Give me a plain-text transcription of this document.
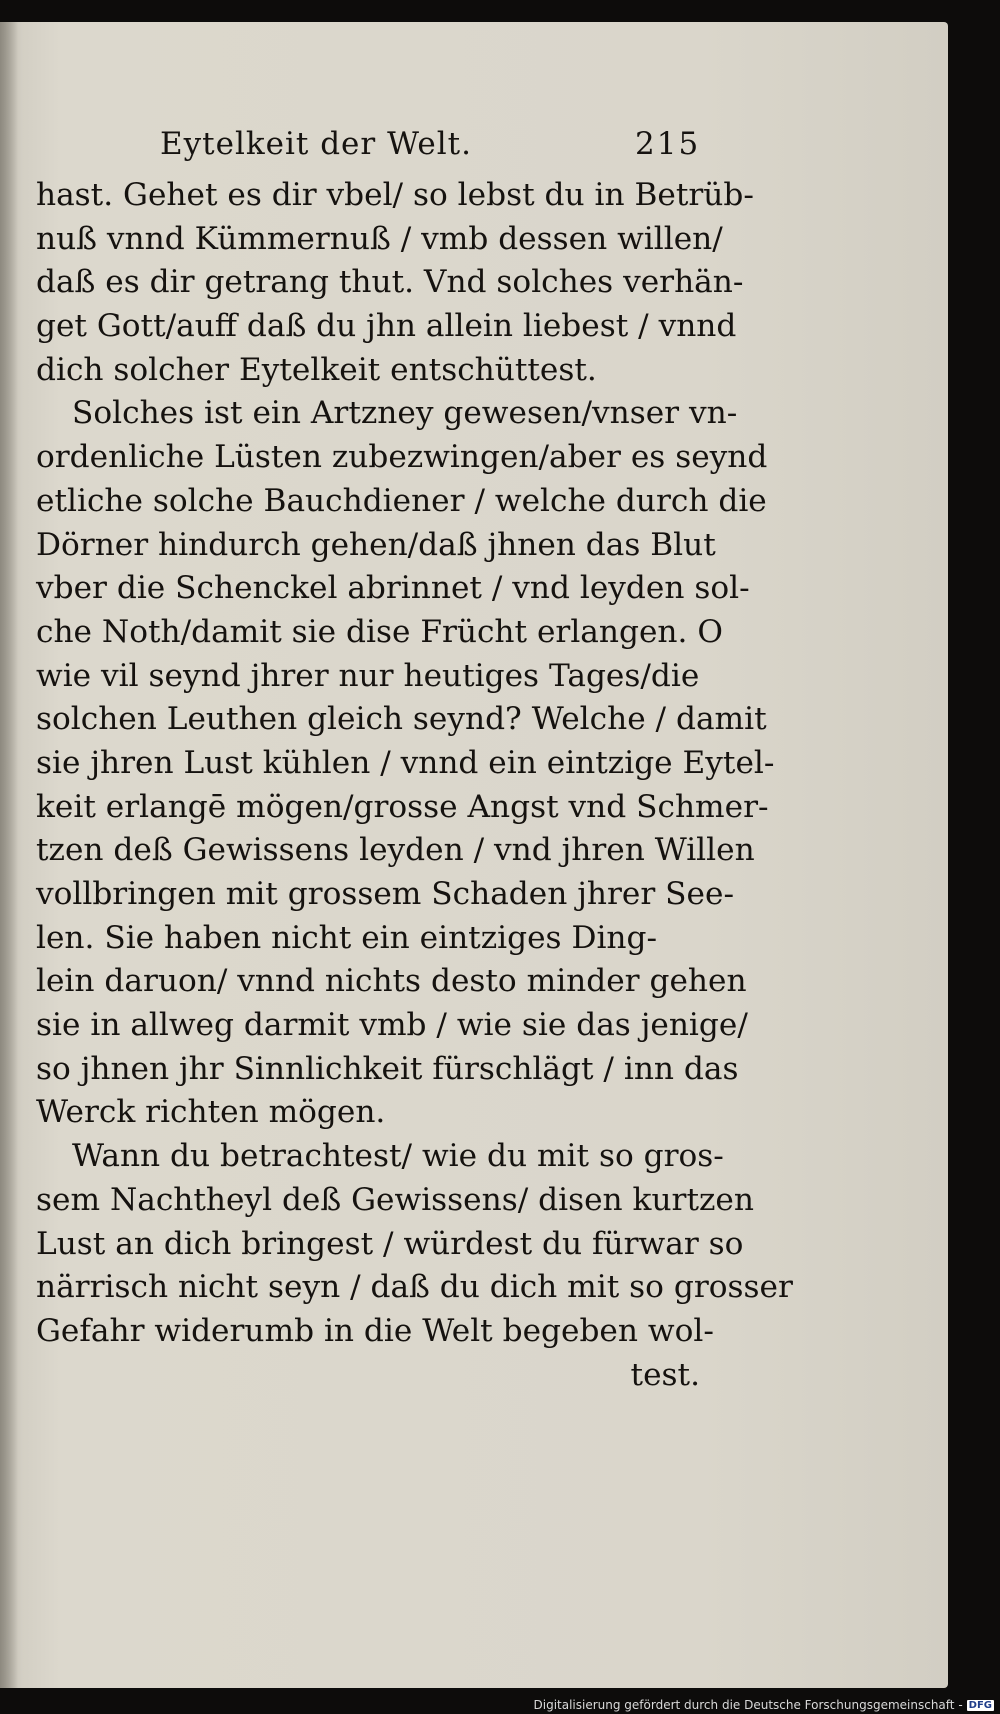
Eytelkeit der Welt.	215
hast. Gehet es dir vbel/ so lebst du in Betrüb-
nuß vnnd Kümmernuß / vmb dessen willen/
daß es dir getrang thut. Vnd solches verhän-
get Gott/auff daß du jhn allein liebest / vnnd
dich solcher Eytelkeit entschüttest.
Solches ist ein Artzney gewesen/vnser vn-
ordenliche Lüsten zubezwingen/aber es seynd
etliche solche Bauchdiener / welche durch die
Dörner hindurch gehen/daß jhnen das Blut
vber die Schenckel abrinnet / vnd leyden sol-
che Noth/damit sie dise Frücht erlangen. O
wie vil seynd jhrer nur heutiges Tages/die
solchen Leuthen gleich seynd? Welche / damit
sie jhren Lust kühlen / vnnd ein eintzige Eytel-
keit erlangē mögen/grosse Angst vnd Schmer-
tzen deß Gewissens leyden / vnd jhren Willen
vollbringen mit grossem Schaden jhrer See-
len. Sie haben nicht ein eintziges Ding-
lein daruon/ vnnd nichts desto minder gehen
sie in allweg darmit vmb / wie sie das jenige/
so jhnen jhr Sinnlichkeit fürschlägt / inn das
Werck richten mögen.
Wann du betrachtest/ wie du mit so gros-
sem Nachtheyl deß Gewissens/ disen kurtzen
Lust an dich bringest / würdest du fürwar so
närrisch nicht seyn / daß du dich mit so grosser
Gefahr widerumb in die Welt begeben wol-
test.
Digitalisierung gefördert durch die Deutsche Forschungsgemeinschaft - DFG
